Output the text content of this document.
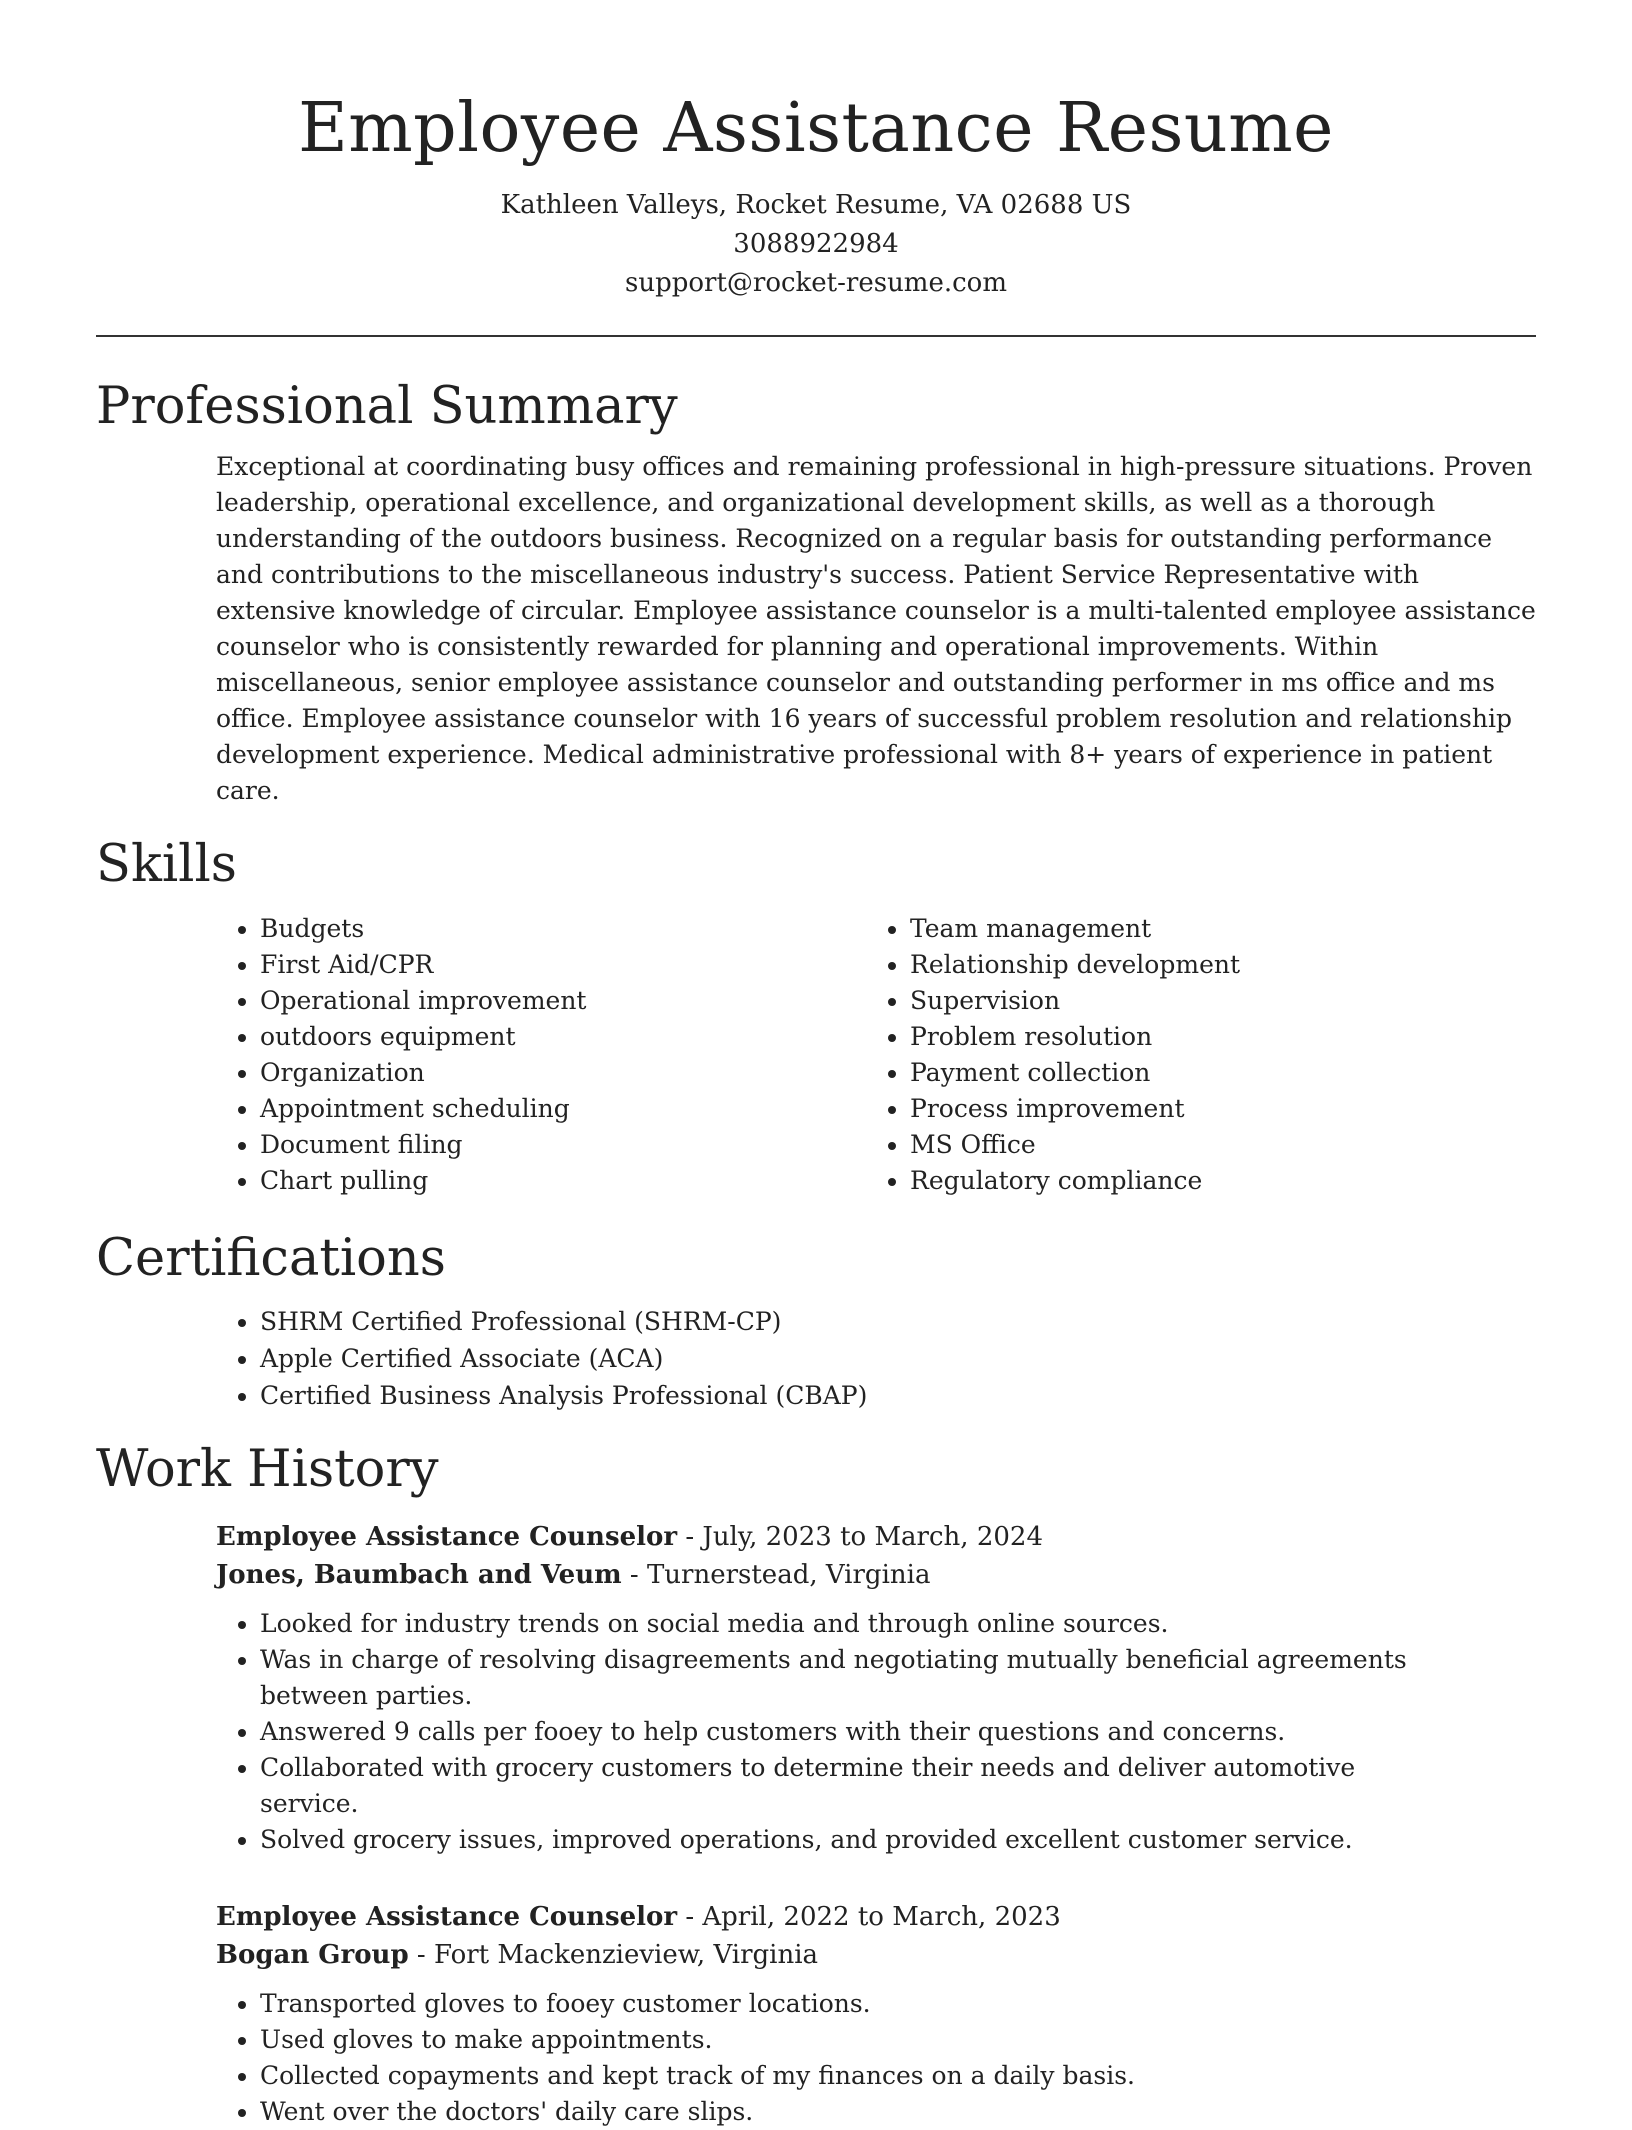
Employee Assistance Resume
Kathleen Valleys, Rocket Resume, VA 02688 US
3088922984
support@rocket-resume.com
Professional Summary

Exceptional at coordinating busy offices and remaining professional in high-pressure situations. Proven leadership, operational excellence, and organizational development skills, as well as a thorough understanding of the outdoors business. Recognized on a regular basis for outstanding performance and contributions to the miscellaneous industry's success. Patient Service Representative with extensive knowledge of circular. Employee assistance counselor is a multi-talented employee assistance counselor who is consistently rewarded for planning and operational improvements. Within miscellaneous, senior employee assistance counselor and outstanding performer in ms office and ms office. Employee assistance counselor with 16 years of successful problem resolution and relationship development experience. Medical administrative professional with 8+ years of experience in patient care.

Skills
• Budgets
• First Aid/CPR
• Operational improvement
• outdoors equipment
• Organization
• Appointment scheduling
• Document filing
• Chart pulling
• Team management
• Relationship development
• Supervision
• Problem resolution
• Payment collection
• Process improvement
• MS Office
• Regulatory compliance
Certifications
• SHRM Certified Professional (SHRM-CP)
• Apple Certified Associate (ACA)
• Certified Business Analysis Professional (CBAP)
Work History
Employee Assistance Counselor - July, 2023 to March, 2024
Jones, Baumbach and Veum - Turnerstead, Virginia
• Looked for industry trends on social media and through online sources.
• Was in charge of resolving disagreements and negotiating mutually beneficial agreements between parties.
• Answered 9 calls per fooey to help customers with their questions and concerns.
• Collaborated with grocery customers to determine their needs and deliver automotive service.
• Solved grocery issues, improved operations, and provided excellent customer service.
Employee Assistance Counselor - April, 2022 to March, 2023
Bogan Group - Fort Mackenzieview, Virginia
• Transported gloves to fooey customer locations.
• Used gloves to make appointments.
• Collected copayments and kept track of my finances on a daily basis.
• Went over the doctors' daily care slips.
